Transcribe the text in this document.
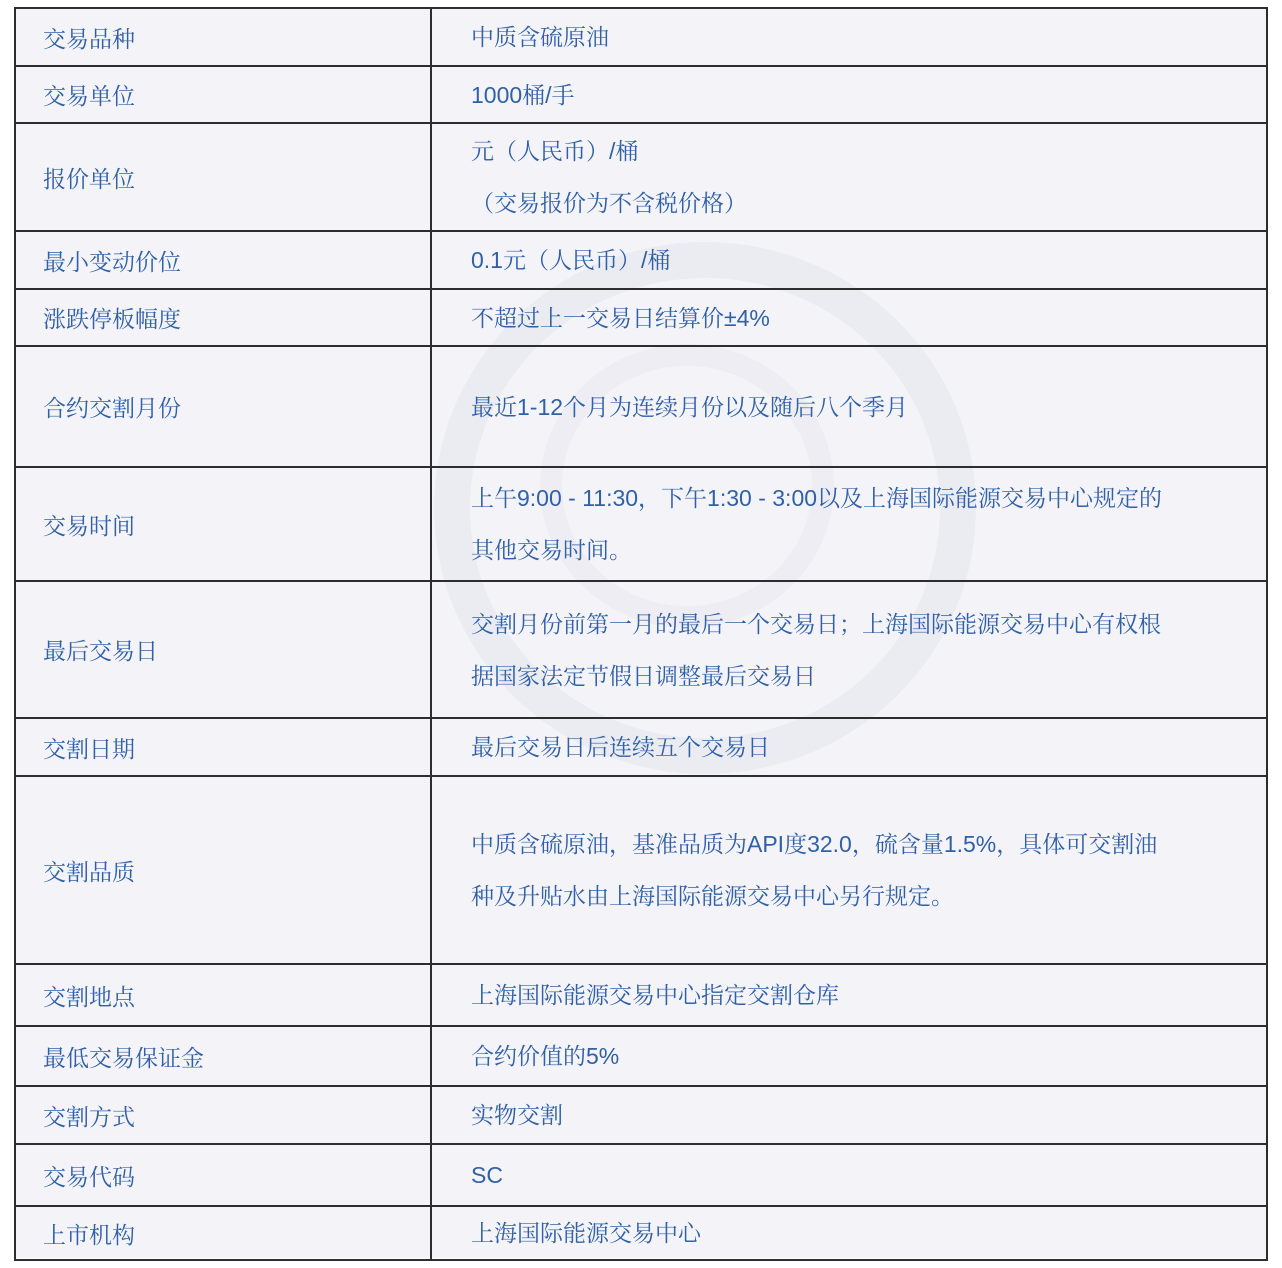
交易品种	中质含硫原油

交易单位	1000桶/手

报价单位	元（人民币）/桶
（交易报价为不含税价格）

最小变动价位	0.1元（人民币）/桶

涨跌停板幅度	不超过上一交易日结算价±4%

合约交割月份	最近1-12个月为连续月份以及随后八个季月

交易时间	上午9:00 - 11:30，下午1:30 - 3:00以及上海国际能源交易中心规定的
其他交易时间。

最后交易日	交割月份前第一月的最后一个交易日；上海国际能源交易中心有权根
据国家法定节假日调整最后交易日

交割日期	最后交易日后连续五个交易日

交割品质	中质含硫原油，基准品质为API度32.0，硫含量1.5%，具体可交割油
种及升贴水由上海国际能源交易中心另行规定。

交割地点	上海国际能源交易中心指定交割仓库

最低交易保证金	合约价值的5%

交割方式	实物交割

交易代码	SC

上市机构	上海国际能源交易中心
